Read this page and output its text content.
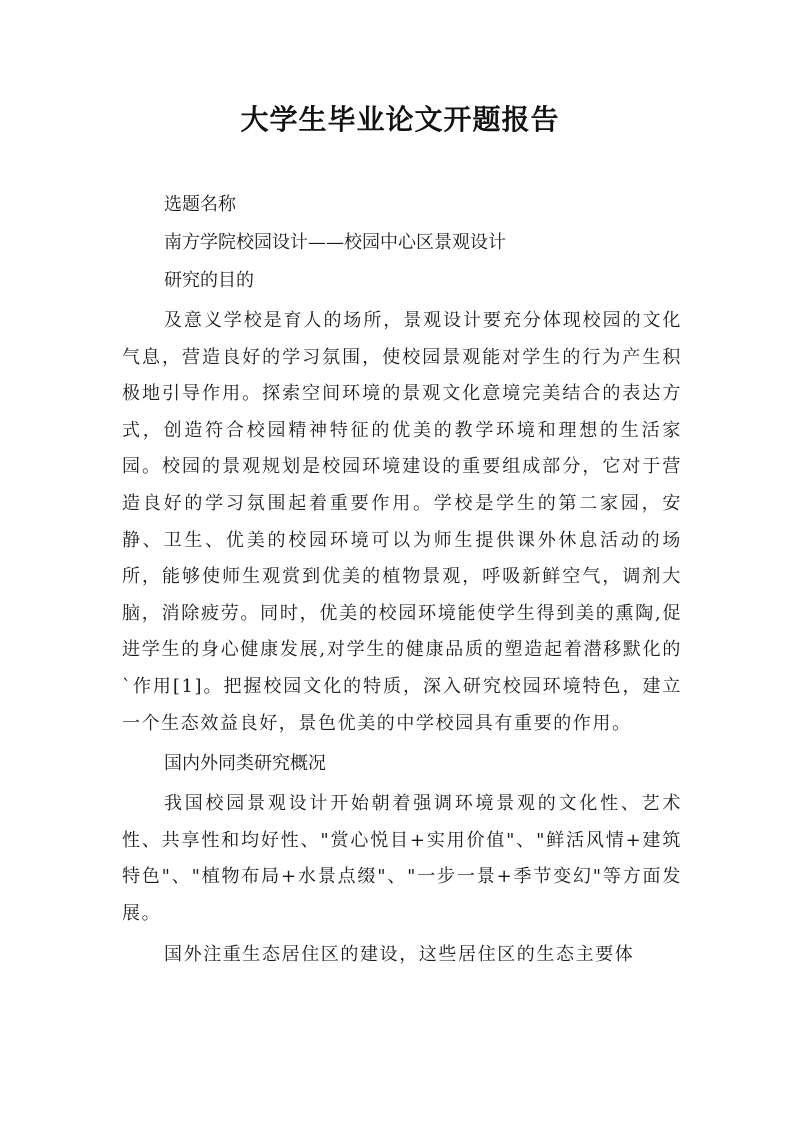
大学生毕业论文开题报告

选题名称

南方学院校园设计——校园中心区景观设计

研究的目的

及意义学校是育人的场所，景观设计要充分体现校园的文化气息，营造良好的学习氛围，使校园景观能对学生的行为产生积极地引导作用。探索空间环境的景观文化意境完美结合的表达方式，创造符合校园精神特征的优美的教学环境和理想的生活家园。校园的景观规划是校园环境建设的重要组成部分，它对于营造良好的学习氛围起着重要作用。学校是学生的第二家园，安静、卫生、优美的校园环境可以为师生提供课外休息活动的场所，能够使师生观赏到优美的植物景观，呼吸新鲜空气，调剂大脑，消除疲劳。同时，优美的校园环境能使学生得到美的熏陶,促进学生的身心健康发展,对学生的健康品质的塑造起着潜移默化的`作用[1]。把握校园文化的特质，深入研究校园环境特色，建立一个生态效益良好，景色优美的中学校园具有重要的作用。

国内外同类研究概况

我国校园景观设计开始朝着强调环境景观的文化性、艺术性、共享性和均好性、"赏心悦目+实用价值"、"鲜活风情+建筑特色"、"植物布局+水景点缀"、"一步一景+季节变幻"等方面发展。

国外注重生态居住区的建设，这些居住区的生态主要体
